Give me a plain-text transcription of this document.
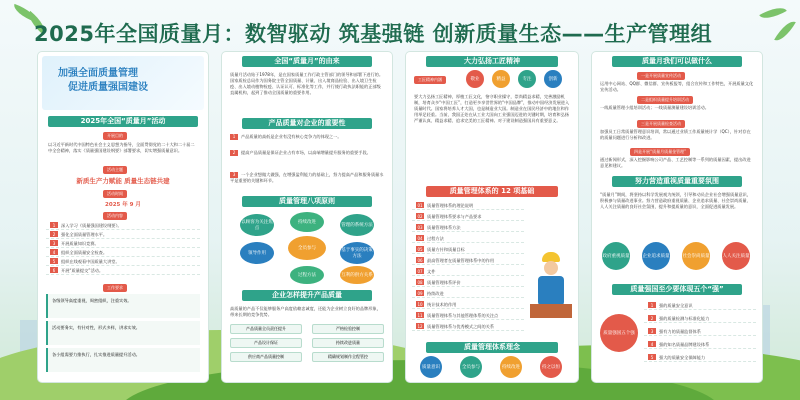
2025年全国质量月：数智驱动 筑基强链 创新质量生态——生产管理组
加强全面质量管理
促进质量强国建设
2025年全国“质量月”活动
开展目的
以习近平新时代中国特色社会主义思想为指导，全面贯彻党的二十大和二十届二中全会精神，落实《质量强国建设纲要》部署要求，切实增强质量意识。
活动主题
新质生产力赋能 质量生态链共建
活动时间
2025 年 9 月
活动内容
1 深入学习《质量强国建设纲要》。
2 强化全面质量管理水平。
3 开展质量知识竞赛。
4 组织全面质量安全检查。
5 组织在线观看中国质量大讲堂。
6 开展“质量提交”活动。
工作要求
各级领导高度重视，周密组织，注重实效。
活动要务实，有针对性，形式多样，讲求实效。
各小组需要力推执行，扎实推进质量提升活动。
全国“质量月”的由来
质量月活动始于1978年，是在国家质量工作行政主管部门的领导和部署下进行的。国家质检总局作为国务院主管全国质量、计量、出入境商品检验、出入境卫生检疫、出入境动植物检疫、认证认可、标准化等工作，并行使行政执法职能的正部级直属机构，起到了推动全国质量的重要作用。
产品质量对企业的重要性
1 产品质量的高低是企业有没有核心竞争力的体现之一。
2 提高产品质量是保证企业占有市场，以高端增量提升服务的重要手段。
3 一个企业想做大做强，在增强盈利能力的基础上，努力提高产品和服务质量水平是重要的关键和环节。
质量管理八项原则
全员参与
以顾客为关注焦点
领导作用
过程方法
管理的系统方法
基于事实的决策方法
持续改进
互利的供方关系
企业怎样提升产品质量
高质量的产品不仅能够服务户高度依赖忠诚度，还能为企业树立良好的品牌形象，带来长期的竞争优势。
产品质量全员责任提升	严格检验控制
产品设计保证	持续改进质量
供应商产品质量控制	精确规划制作全程管控
大力弘扬工匠精神
工匠精神内涵	敬业	精益	专注	创新
要大力弘扬工匠精神，厚植工匠文化，恪守职业操守，崇尚精益求精，完善激励机制，培育众多“中国工匠”，打造更多享誉世界的“中国品牌”，推动中国经济发展进入质量时代。国家将培养人才大国，也是制造业大国。制造业在国民经济中的地位和作用举足轻重。当前，我国正处在从工业大国向工业强国迈进的关键时期，培育和弘扬严谨认真、精益求精、追求完美的工匠精神。对于建设制造强国具有重要意义。
质量管理体系的 12 项基础
01 质量管理体系的理论说明
02 质量管理体系要求与产品要求
03 质量管理体系方法
04 过程方法
05 质量方针和质量目标
06 最高管理者在质量管理体系中的作用
07 文件
08 质量管理体系评价
09 持续改进
10 统计技术的作用
11 质量管理体系与其他管理体系的关注点
12 质量管理体系与优秀模式之间的关系
质量管理体系理念
质量意识	全员参与	持续改进	持之以恒
质量月我们可以做什么
一是开展质量宣传活动
运用中心网站、QQ群、微信群、宣传板报等，组合宣传和工作特色，开展质量文化宣传活动。
二是组织质量提升培训活动
一线质量管理小组培训活动；一线质量测量建设培训活动。
三是开展质量检查活动
加强员工日常质量管理意识培训，常以通过业绩工作质量统计学（QC），针对存在的质量问题进行分析和改进。
四是开展“质量月质量金管理”
通过新闻形式，深入挖掘影响公司产品、工艺控制等一系列的质量因素，提出改进意见和建议。
努力营造重视质量重要氛围
“质量月”期间，将坚持以科学发展观为统领，引导和动员企业社会增强质量意识，积极参与质量改进事业。努力营造政府重视质量、企业追求质量、社会崇尚质量、人人关注质量的良好社会氛围，提升和提质量的意识，全面促进质量发展。
政府重视质量	企业追求质量	社会崇尚质量	人人关注质量
质量强国至少要体现五个“强”
质量强国五个强
1 强的质量安全意识
2 强的质量检测与标准化能力
3 强有力的质量监督体系
4 强的知名质量品牌建设体系
5 强大的质量安全保障能力
